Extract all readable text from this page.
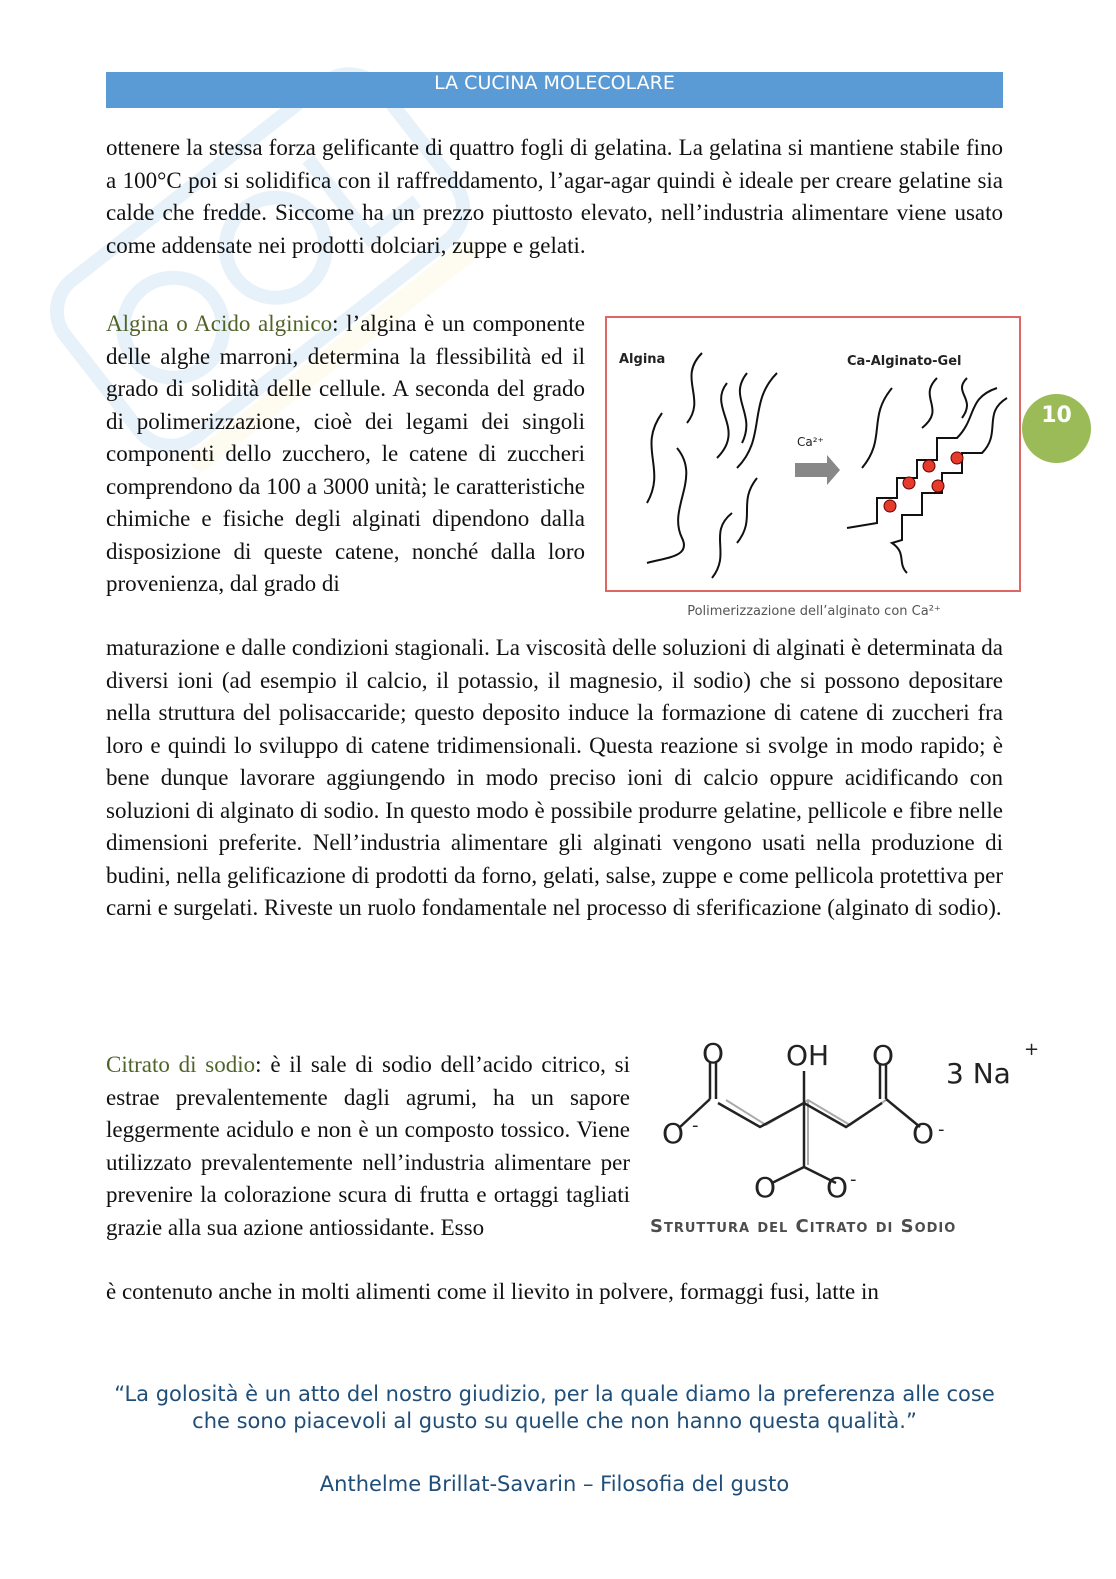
LA CUCINA MOLECOLARE
10

ottenere la stessa forza gelificante di quattro fogli di gelatina. La gelatina si mantiene stabile fino a 100°C poi si solidifica con il raffreddamento, l’agar-agar quindi è ideale per creare gelatine sia calde che fredde. Siccome ha un prezzo piuttosto elevato, nell’industria alimentare viene usato come addensate nei prodotti dolciari, zuppe e gelati.

Algina o Acido alginico: l’algina è un componente delle alghe marroni, determina la flessibilità ed il grado di solidità delle cellule. A seconda del grado di polimerizzazione, cioè dei legami dei singoli componenti dello zucchero, le catene di zuccheri comprendono da 100 a 3000 unità; le caratteristiche chimiche e fisiche degli alginati dipendono dalla disposizione di queste catene, nonché dalla loro provenienza, dal grado di

maturazione e dalle condizioni stagionali. La viscosità delle soluzioni di alginati è determinata da diversi ioni (ad esempio il calcio, il potassio, il magnesio, il sodio) che si possono depositare nella struttura del polisaccaride; questo deposito induce la formazione di catene di zuccheri fra loro e quindi lo sviluppo di catene tridimensionali. Questa reazione si svolge in modo rapido; è bene dunque lavorare aggiungendo in modo preciso ioni di calcio oppure acidificando con soluzioni di alginato di sodio. In questo modo è possibile produrre gelatine, pellicole e fibre nelle dimensioni preferite. Nell’industria alimentare gli alginati vengono usati nella produzione di budini, nella gelificazione di prodotti da forno, gelati, salse, zuppe e come pellicola protettiva per carni e surgelati. Riveste un ruolo fondamentale nel processo di sferificazione (alginato di sodio).

Algina	Ca-Alginato-Gel
Ca²⁺
Polimerizzazione dell’alginato con Ca²⁺

Citrato di sodio: è il sale di sodio dell’acido citrico, si estrae prevalentemente dagli agrumi, ha un sapore leggermente acidulo e non è un composto tossico. Viene utilizzato prevalentemente nell’industria alimentare per prevenire la colorazione scura di frutta e ortaggi tagliati grazie alla sua azione antiossidante. Esso

è contenuto anche in molti alimenti come il lievito in polvere, formaggi fusi, latte in

O OH O
O	O
O O
3 Na
+
-	-
-
Struttura del Citrato di Sodio

“La golosità è un atto del nostro giudizio, per la quale diamo la preferenza alle cose che sono piacevoli al gusto su quelle che non hanno questa qualità.”

Anthelme Brillat-Savarin – Filosofia del gusto
